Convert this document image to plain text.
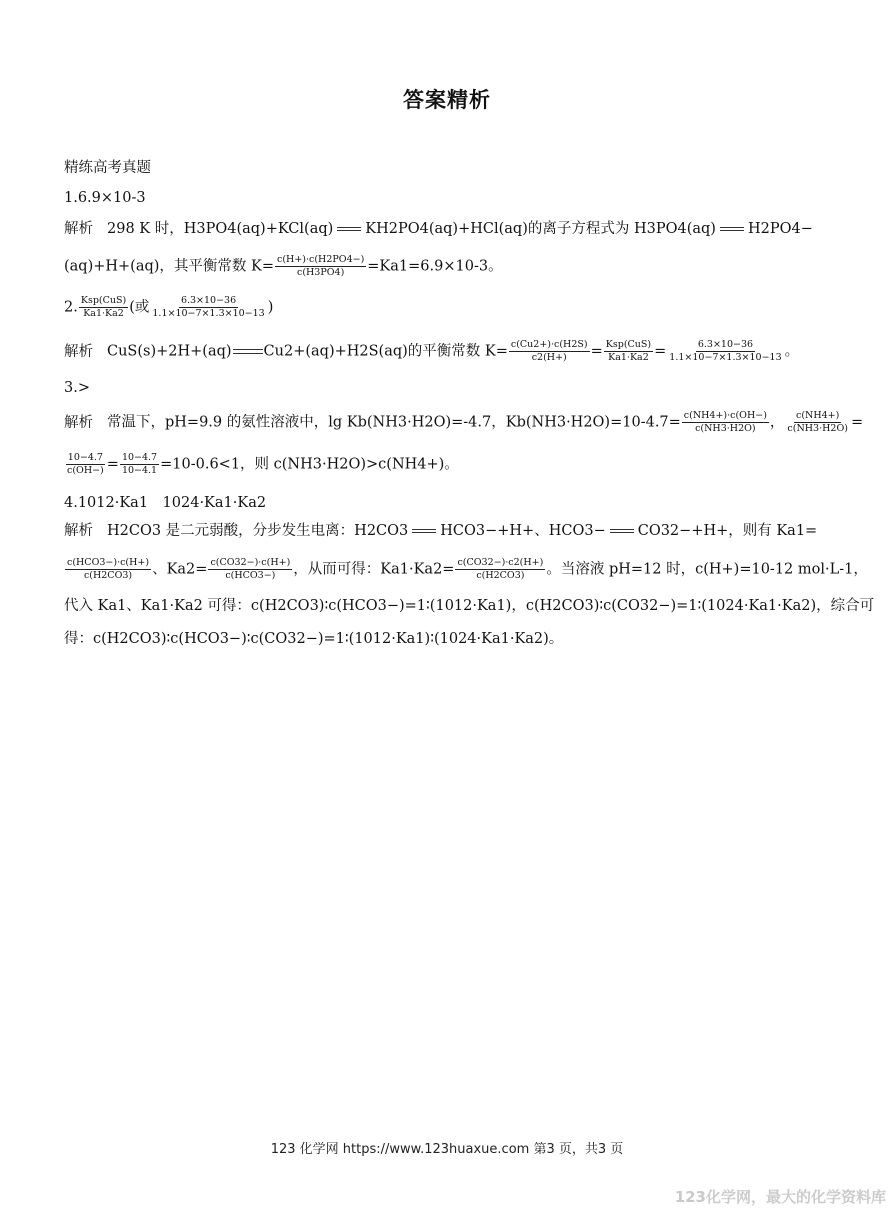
答案精析
精练高考真题
1.6.9×10-3
解析 298 K 时，H3PO4(aq)+KCl(aq) KH2PO4(aq)+HCl(aq)的离子方程式为 H3PO4(aq) H2PO4−
(aq)+H+(aq)，其平衡常数 $K= \frac{c(H+)\cdot c(H2PO4-)}{c(H3PO4)} =Ka1=6.9\times 10-3$。
2. $\frac{\text{Ksp(CuS)}}{Ka1\cdot Ka2}$ (或 $\frac{6.3\times 10-36}{1.1\times 10-7\times 1.3\times 10-13}$ )
解析 CuS(s)+2H+(aq) Cu2+(aq)+H2S(aq)的平衡常数 $K= \frac{c(Cu2+)\cdot c(H2S)}{c2(H+)} = \frac{\text{Ksp(CuS)}}{Ka1\cdot Ka2} = \frac{6.3\times 10-36}{1.1\times 10-7\times 1.3\times 10-13}$ 。
3.>
解析 常温下，pH=9.9 的氨性溶液中，lg Kb(NH3·H2O)=-4.7，$Kb(NH3\cdot H2O)=10-4.7= \frac{c(NH4+)\cdot c(OH-)}{c(NH3\cdot H2O)}$ ， $\frac{c(NH4+)}{c(NH3\cdot H2O)}$ =
$\frac{10-4.7}{c(OH-)} = \frac{10-4.7}{10-4.1} =10-0.6<1$，则 c(NH3·H2O)>c(NH4+)。
4.1012·Ka1　1024·Ka1·Ka2
解析 H2CO3 是二元弱酸，分步发生电离：H2CO3 HCO3−+H+、HCO3− CO32−+H+，则有 Ka1=
$\frac{\text{c(HCO3−)·c(H+)}}{c(H2CO3)}$ 、$Ka2= \frac{c(CO32-)\cdot c(H+)}{\text{c(HCO3−)}}$ ，从而可得：$Ka1\cdot Ka2= \frac{c(CO32-)\cdot c2(H+)}{c(H2CO3)}$ 。当溶液 pH=12 时，c(H+)=10-12 mol·L-1，
代入 Ka1、Ka1·Ka2 可得：c(H2CO3)∶c(HCO3−)=1∶(1012·Ka1)，c(H2CO3)∶c(CO32−)=1∶(1024·Ka1·Ka2)，综合可
得：c(H2CO3)∶c(HCO3−)∶c(CO32−)=1∶(1012·Ka1)∶(1024·Ka1·Ka2)。
123 化学网 https://www.123huaxue.com 第3 页，共3 页
123化学网，最大的化学资料库
